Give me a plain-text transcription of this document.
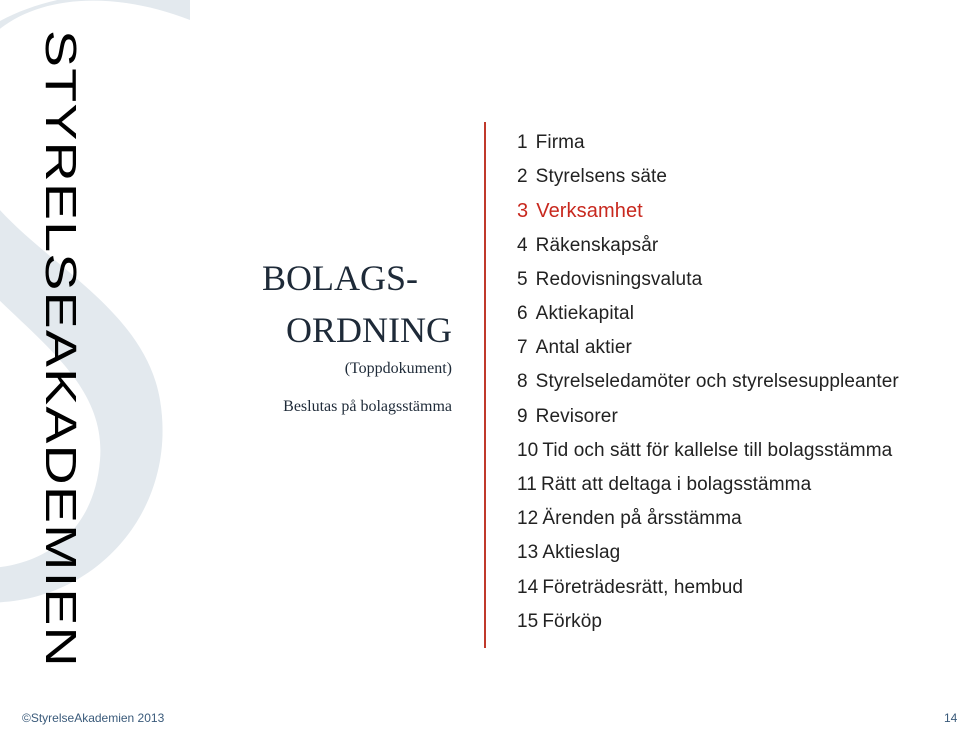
STYRELSEAKADEMIEN	BOLAGS-
ORDNING
(Toppdokument)
Beslutas på bolagsstämma
1 Firma
2 Styrelsens säte
3 Verksamhet
4 Räkenskapsår
5 Redovisningsvaluta
6 Aktiekapital
7 Antal aktier
8 Styrelseledamöter och styrelsesuppleanter
9 Revisorer
10 Tid och sätt för kallelse till bolagsstämma
11 Rätt att deltaga i bolagsstämma
12 Ärenden på årsstämma
13 Aktieslag
14 Företrädesrätt, hembud
15 Förköp
©StyrelseAkademien 2013	14
